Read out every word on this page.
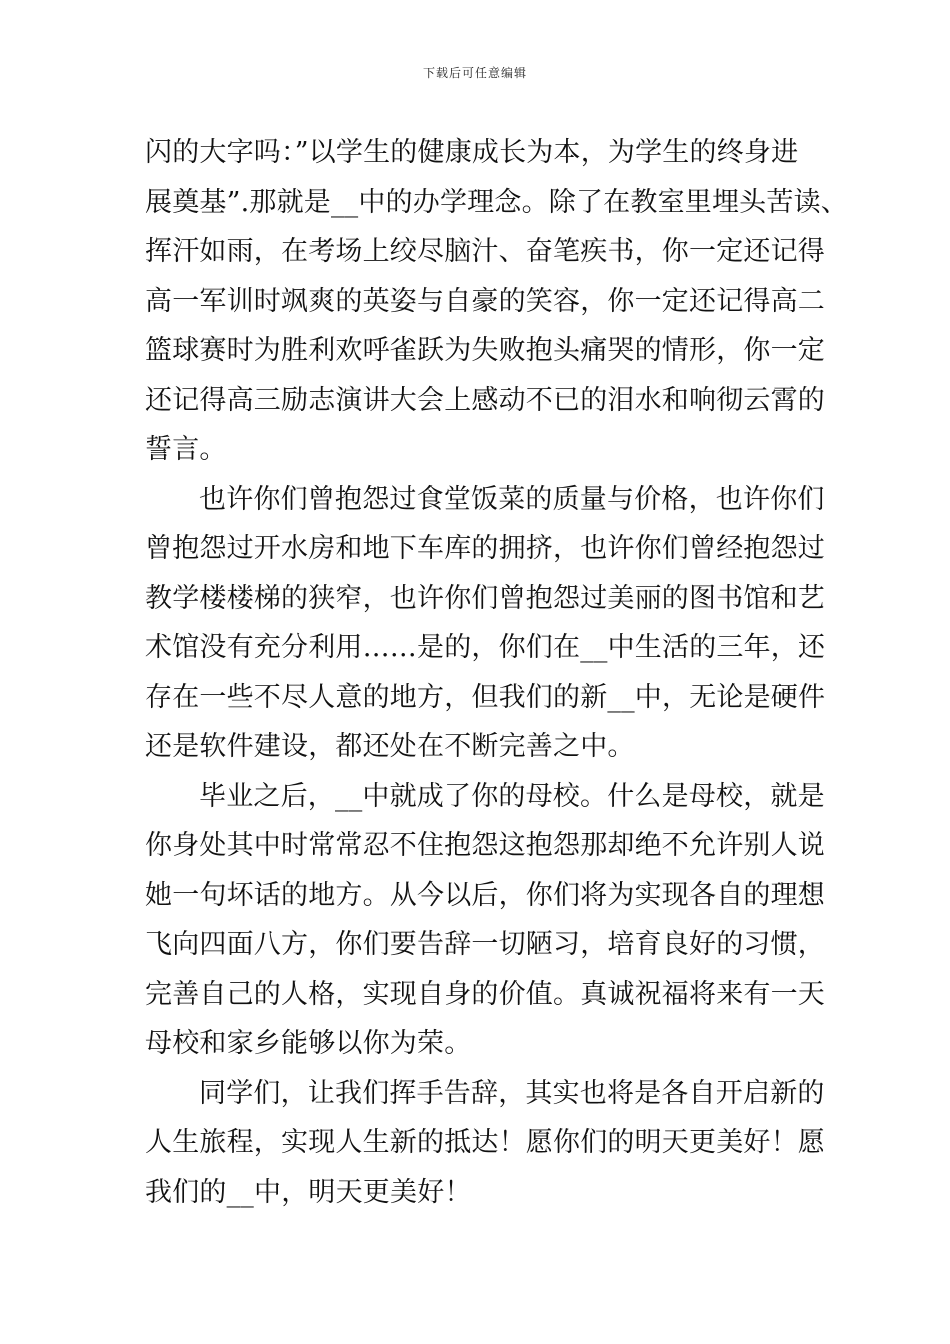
下载后可任意编辑
闪的大字吗：”以学生的健康成长为本，为学生的终身进
展奠基”.那就是__中的办学理念。除了在教室里埋头苦读、
挥汗如雨，在考场上绞尽脑汁、奋笔疾书，你一定还记得
高一军训时飒爽的英姿与自豪的笑容，你一定还记得高二
篮球赛时为胜利欢呼雀跃为失败抱头痛哭的情形，你一定
还记得高三励志演讲大会上感动不已的泪水和响彻云霄的
誓言。
也许你们曾抱怨过食堂饭菜的质量与价格，也许你们
曾抱怨过开水房和地下车库的拥挤，也许你们曾经抱怨过
教学楼楼梯的狭窄，也许你们曾抱怨过美丽的图书馆和艺
术馆没有充分利用……是的，你们在__中生活的三年，还
存在一些不尽人意的地方，但我们的新__中，无论是硬件
还是软件建设，都还处在不断完善之中。
毕业之后，__中就成了你的母校。什么是母校，就是
你身处其中时常常忍不住抱怨这抱怨那却绝不允许别人说
她一句坏话的地方。从今以后，你们将为实现各自的理想
飞向四面八方，你们要告辞一切陋习，培育良好的习惯，
完善自己的人格，实现自身的价值。真诚祝福将来有一天
母校和家乡能够以你为荣。
同学们，让我们挥手告辞，其实也将是各自开启新的
人生旅程，实现人生新的抵达！愿你们的明天更美好！愿
我们的__中，明天更美好！
